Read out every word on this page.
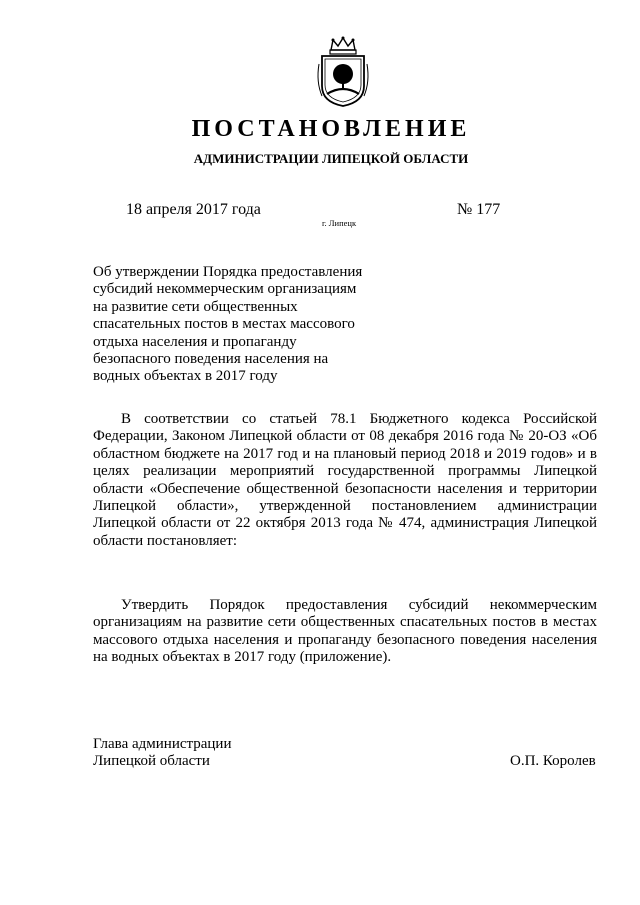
ПОСТАНОВЛЕНИЕ
АДМИНИСТРАЦИИ ЛИПЕЦКОЙ ОБЛАСТИ
18 апреля 2017 года
г. Липецк
№ 177
Об утверждении Порядка предоставления
субсидий некоммерческим организациям
на развитие сети общественных
спасательных постов в местах массового
отдыха населения и пропаганду
безопасного поведения населения на
водных объектах в 2017 году
В соответствии со статьей 78.1 Бюджетного кодекса Российской
Федерации, Законом Липецкой области от 08 декабря 2016 года № 20-ОЗ «Об
областном бюджете на 2017 год и на плановый период 2018 и 2019 годов» и в
целях реализации мероприятий государственной программы Липецкой
области «Обеспечение общественной безопасности населения и территории
Липецкой области», утвержденной постановлением администрации
Липецкой области от 22 октября 2013 года № 474, администрация Липецкой
области постановляет:
Утвердить Порядок предоставления субсидий некоммерческим
организациям на развитие сети общественных спасательных постов в местах
массового отдыха населения и пропаганду безопасного поведения населения
на водных объектах в 2017 году (приложение).
Глава администрации
Липецкой области	О.П. Королев
